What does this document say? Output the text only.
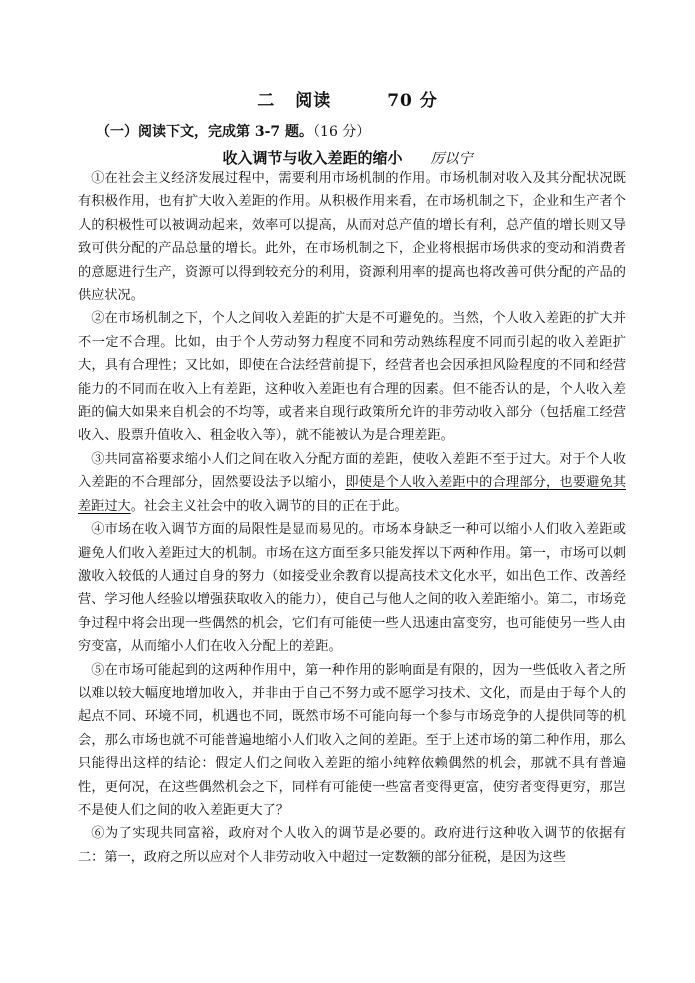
二 阅读	70 分
（一）阅读下文，完成第 3-7 题。（16 分）
收入调节与收入差距的缩小 厉以宁

①在社会主义经济发展过程中，需要利用市场机制的作用。市场机制对收入及其分配状况既有积极作用，也有扩大收入差距的作用。从积极作用来看，在市场机制之下，企业和生产者个人的积极性可以被调动起来，效率可以提高，从而对总产值的增长有利，总产值的增长则又导致可供分配的产品总量的增长。此外，在市场机制之下，企业将根据市场供求的变动和消费者的意愿进行生产，资源可以得到较充分的利用，资源利用率的提高也将改善可供分配的产品的供应状况。

②在市场机制之下，个人之间收入差距的扩大是不可避免的。当然，个人收入差距的扩大并不一定不合理。比如，由于个人劳动努力程度不同和劳动熟练程度不同而引起的收入差距扩大，具有合理性；又比如，即使在合法经营前提下，经营者也会因承担风险程度的不同和经营能力的不同而在收入上有差距，这种收入差距也有合理的因素。但不能否认的是，个人收入差距的偏大如果来自机会的不均等，或者来自现行政策所允许的非劳动收入部分（包括雇工经营收入、股票升值收入、租金收入等），就不能被认为是合理差距。

③共同富裕要求缩小人们之间在收入分配方面的差距，使收入差距不至于过大。对于个人收入差距的不合理部分，固然要设法予以缩小，即使是个人收入差距中的合理部分，也要避免其差距过大。社会主义社会中的收入调节的目的正在于此。

④市场在收入调节方面的局限性是显而易见的。市场本身缺乏一种可以缩小人们收入差距或避免人们收入差距过大的机制。市场在这方面至多只能发挥以下两种作用。第一，市场可以刺激收入较低的人通过自身的努力（如接受业余教育以提高技术文化水平，如出色工作、改善经营、学习他人经验以增强获取收入的能力），使自己与他人之间的收入差距缩小。第二，市场竞争过程中将会出现一些偶然的机会，它们有可能使一些人迅速由富变穷，也可能使另一些人由穷变富，从而缩小人们在收入分配上的差距。

⑤在市场可能起到的这两种作用中，第一种作用的影响面是有限的，因为一些低收入者之所以难以较大幅度地增加收入，并非由于自己不努力或不愿学习技术、文化，而是由于每个人的起点不同、环境不同，机遇也不同，既然市场不可能向每一个参与市场竞争的人提供同等的机会，那么市场也就不可能普遍地缩小人们收入之间的差距。至于上述市场的第二种作用，那么只能得出这样的结论：假定人们之间收入差距的缩小纯粹依赖偶然的机会，那就不具有普遍性，更何况，在这些偶然机会之下，同样有可能使一些富者变得更富，使穷者变得更穷，那岂不是使人们之间的收入差距更大了？

⑥为了实现共同富裕，政府对个人收入的调节是必要的。政府进行这种收入调节的依据有二：第一，政府之所以应对个人非劳动收入中超过一定数额的部分征税，是因为这些
